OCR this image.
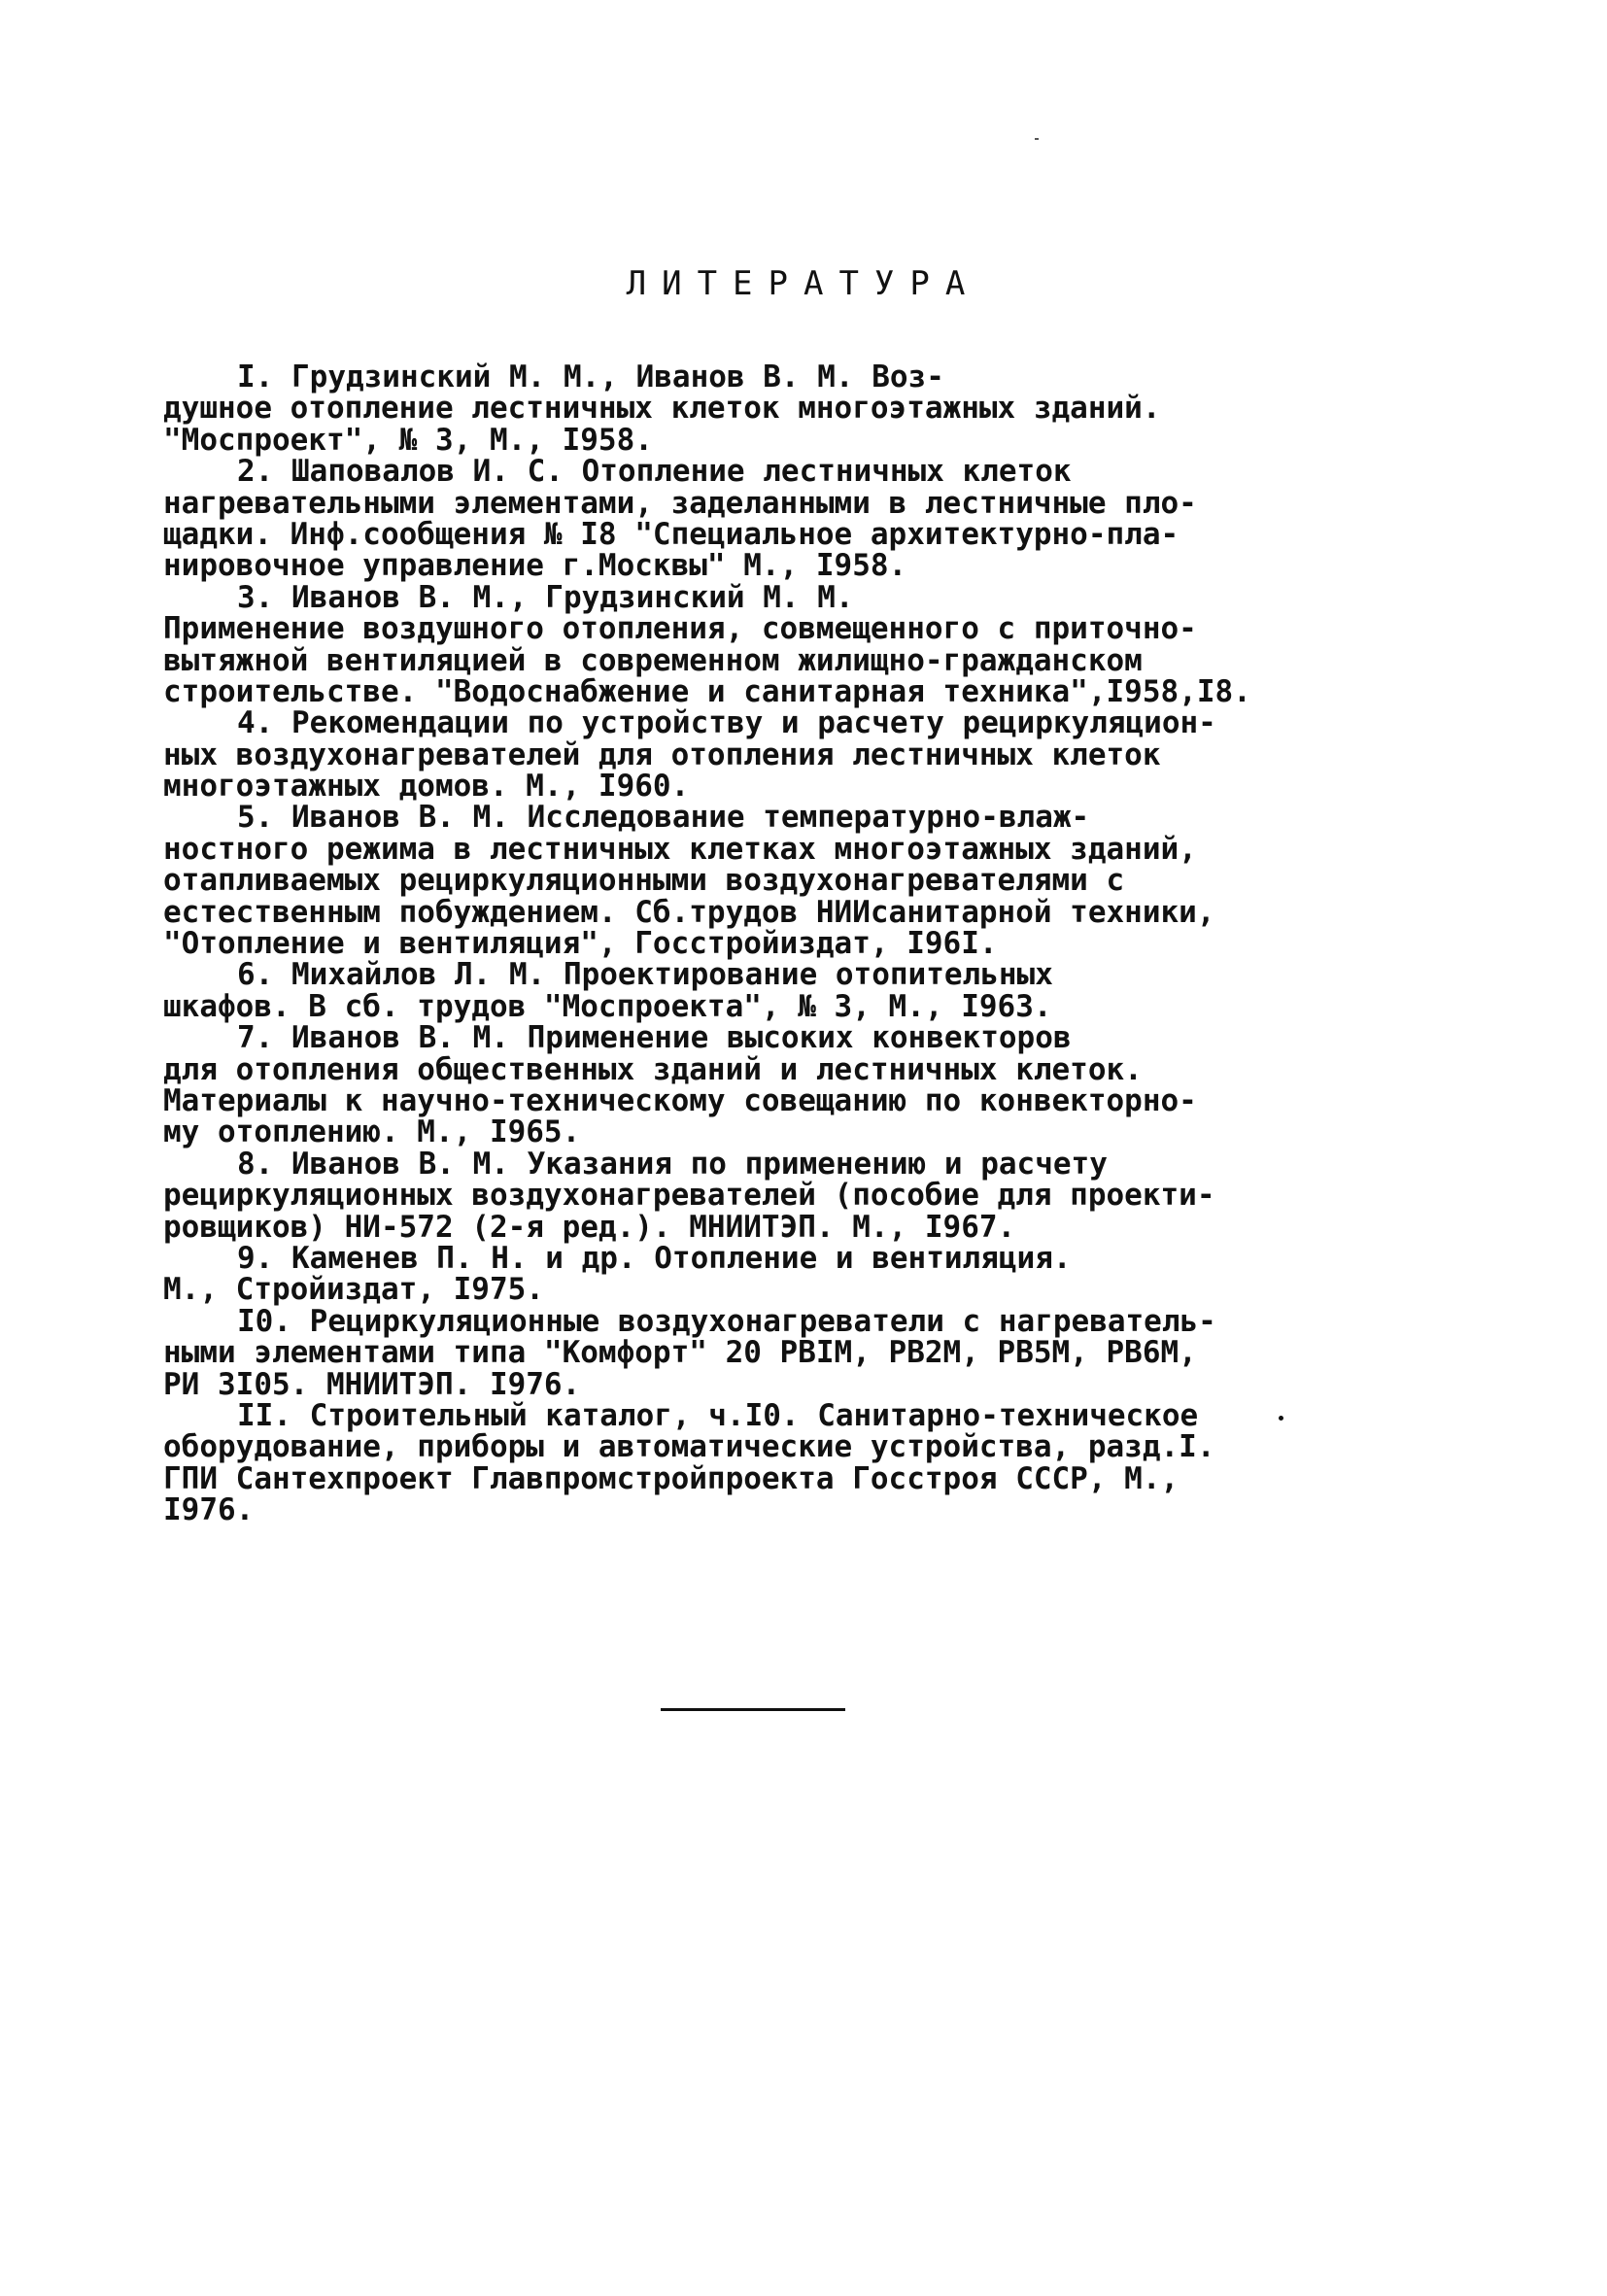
ЛИТЕРАТУРА
I. Грудзинский М. М., Иванов В. М. Воз-
душное отопление лестничных клеток многоэтажных зданий.
"Моспроект", № 3, М., I958.
2. Шаповалов И. С. Отопление лестничных клеток
нагревательными элементами, заделанными в лестничные пло-
щадки. Инф.сообщения № I8 "Специальное архитектурно-пла-
нировочное управление г.Москвы" М., I958.
3. Иванов В. М., Грудзинский М. М.
Применение воздушного отопления, совмещенного с приточно-
вытяжной вентиляцией в современном жилищно-гражданском
строительстве. "Водоснабжение и санитарная техника",I958,I8.
4. Рекомендации по устройству и расчету рециркуляцион-
ных воздухонагревателей для отопления лестничных клеток
многоэтажных домов. М., I960.
5. Иванов В. М. Исследование температурно-влаж-
ностного режима в лестничных клетках многоэтажных зданий,
отапливаемых рециркуляционными воздухонагревателями с
естественным побуждением. Сб.трудов НИИсанитарной техники,
"Отопление и вентиляция", Госстройиздат, I96I.
6. Михайлов Л. М. Проектирование отопительных
шкафов. В сб. трудов "Моспроекта", № 3, М., I963.
7. Иванов В. М. Применение высоких конвекторов
для отопления общественных зданий и лестничных клеток.
Материалы к научно-техническому совещанию по конвекторно-
му отоплению. М., I965.
8. Иванов В. М. Указания по применению и расчету
рециркуляционных воздухонагревателей (пособие для проекти-
ровщиков) НИ-572 (2-я ред.). МНИИТЭП. М., I967.
9. Каменев П. Н. и др. Отопление и вентиляция.
М., Стройиздат, I975.
I0. Рециркуляционные воздухонагреватели с нагреватель-
ными элементами типа "Комфорт" 20 РВIМ, РВ2М, РВ5М, РВ6М,
РИ 3I05. МНИИТЭП. I976.
II. Строительный каталог, ч.I0. Санитарно-техническое
оборудование, приборы и автоматические устройства, разд.I.
ГПИ Сантехпроект Главпромстройпроекта Госстроя СССР, М.,
I976.
